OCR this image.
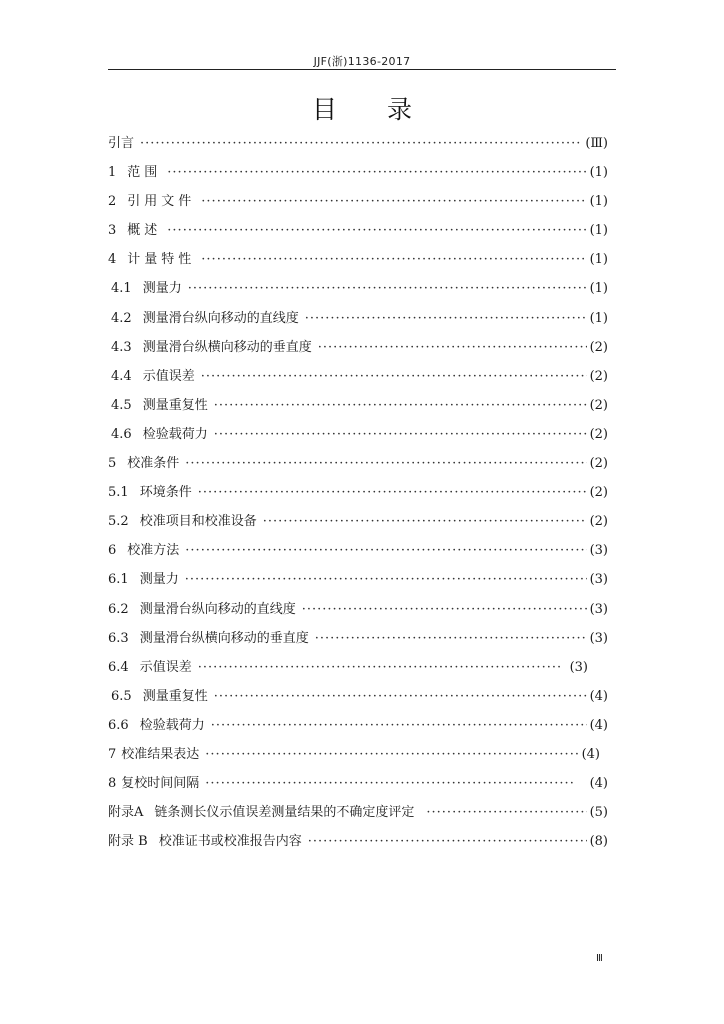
JJF(浙)1136-2017
目录
引言 ·····	(Ⅲ)
1 范围 ·····	(1)
2 引用文件 ·····	(1)
3 概述 ·····	(1)
4 计量特性 ·····	(1)
4.1 测量力 ·····	(1)
4.2 测量滑台纵向移动的直线度 ·····	(1)
4.3 测量滑台纵横向移动的垂直度 ·····	(2)
4.4 示值误差 ·····	(2)
4.5 测量重复性 ·····	(2)
4.6 检验载荷力 ·····	(2)
5 校准条件 ·····	(2)
5.1 环境条件 ·····	(2)
5.2 校准项目和校准设备 ·····	(2)
6 校准方法 ·····	(3)
6.1 测量力 ·····	(3)
6.2 测量滑台纵向移动的直线度 ·····	(3)
6.3 测量滑台纵横向移动的垂直度 ·····	(3)
6.4 示值误差 ·····	(3)
6.5 测量重复性 ·····	(4)
6.6 检验载荷力 ·····	(4)
7 校准结果表达 ·····	(4)
8 复校时间间隔 ·····	(4)
附录A 链条测长仪示值误差测量结果的不确定度评定 ·····	(5)
附录 B 校准证书或校准报告内容 ·····	(8)
Ⅲ
